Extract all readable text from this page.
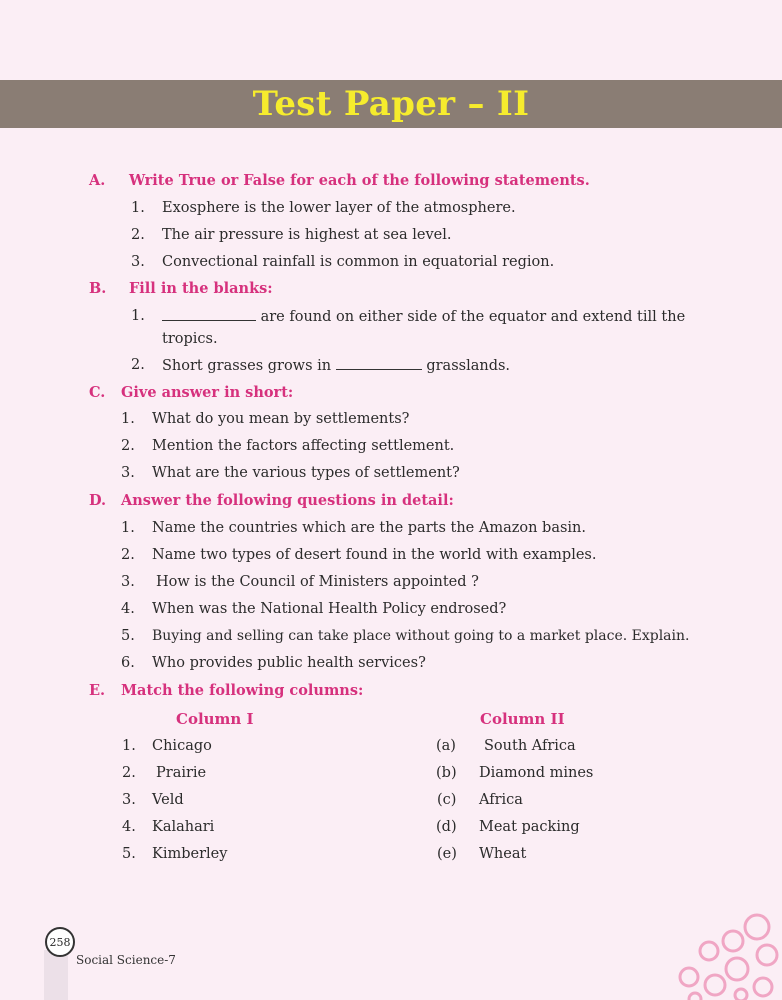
Test Paper – II
A. Write True or False for each of the following statements.
1. Exosphere is the lower layer of the atmosphere.
2. The air pressure is highest at sea level.
3. Convectional rainfall is common in equatorial region.
B. Fill in the blanks:
1.	are found on either side of the equator and extend till the
tropics.
2. Short grasses grows in	grasslands.
C. Give answer in short:
1. What do you mean by settlements?
2. Mention the factors affecting settlement.
3. What are the various types of settlement?
D. Answer the following questions in detail:
1. Name the countries which are the parts the Amazon basin.
2. Name two types of desert found in the world with examples.
3. How is the Council of Ministers appointed ?
4. When was the National Health Policy endrosed?
5. Buying and selling can take place without going to a market place. Explain.
6. Who provides public health services?
E. Match the following columns:
Column I	Column II
1. Chicago	(a) South Africa
2. Prairie	(b) Diamond mines
3. Veld	(c) Africa
4. Kalahari	(d) Meat packing
5. Kimberley	(e) Wheat
258
Social Science-7
